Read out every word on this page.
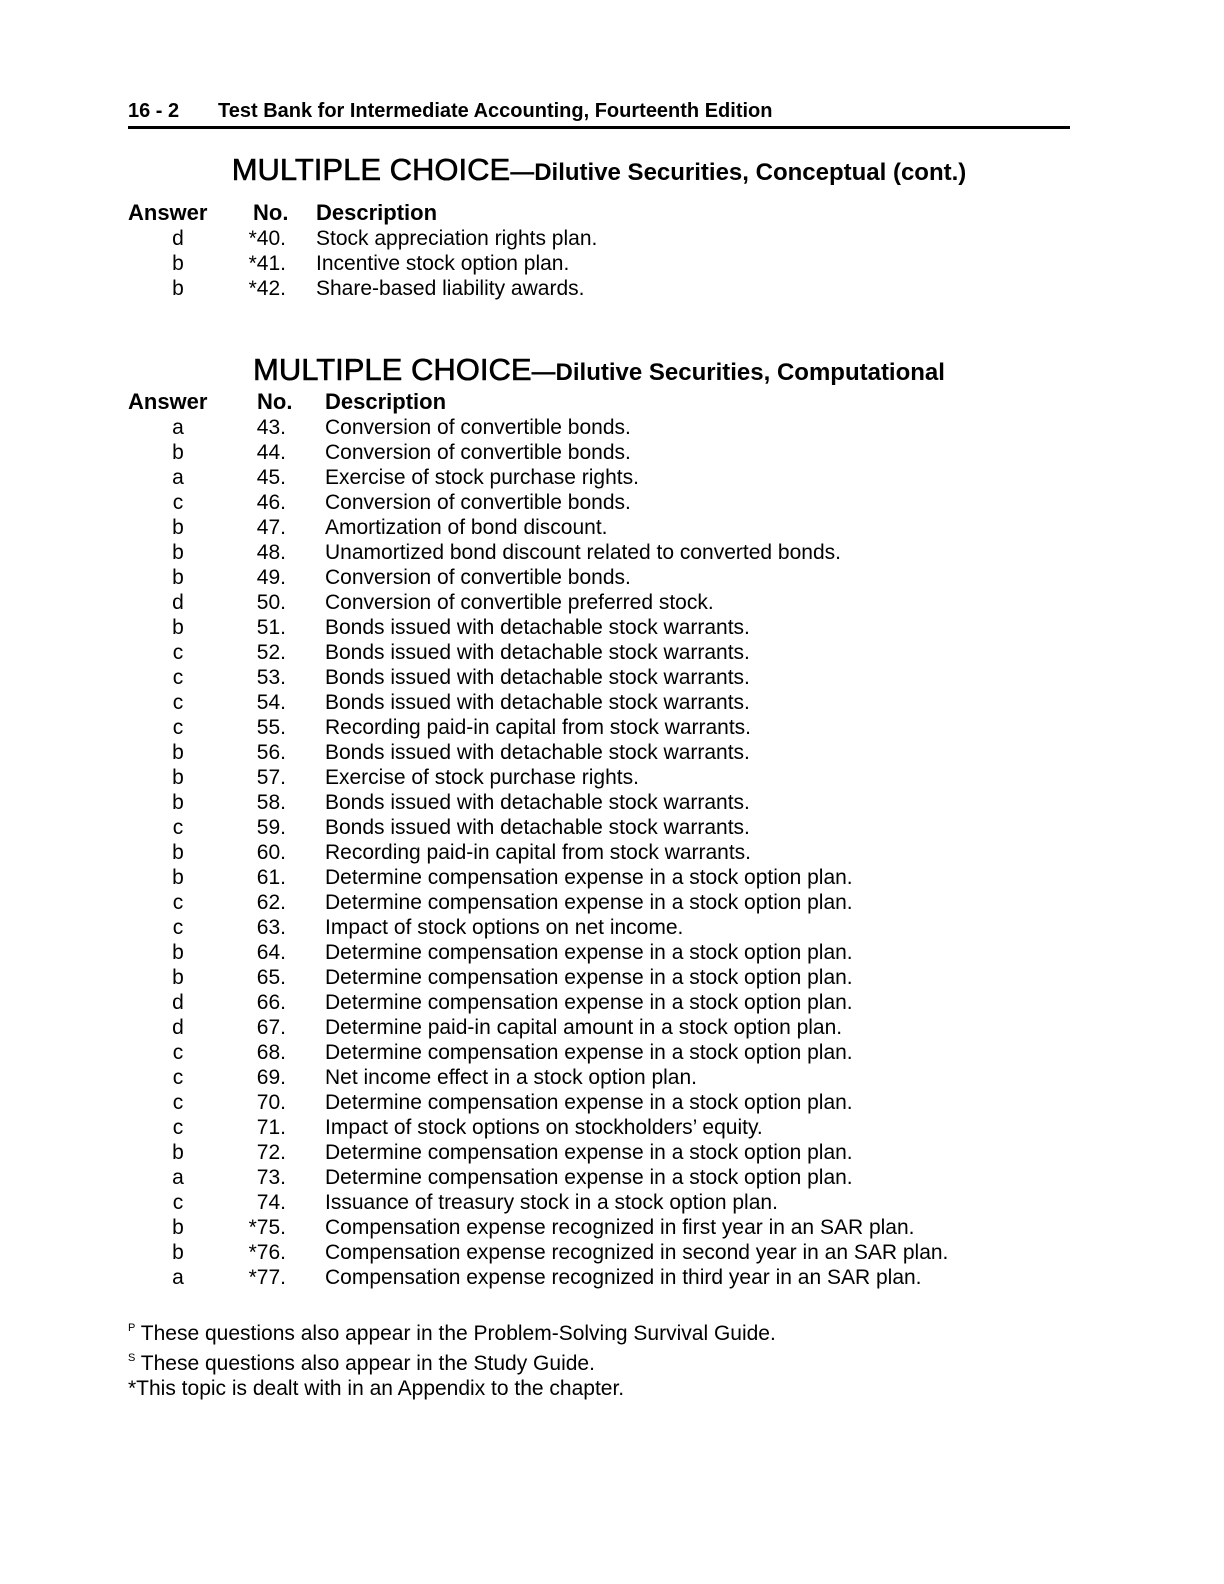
16 - 2 Test Bank for Intermediate Accounting, Fourteenth Edition
MULTIPLE CHOICE—Dilutive Securities, Conceptual (cont.)
Answer No. Description
d	*40. Stock appreciation rights plan.
b	*41. Incentive stock option plan.
b	*42. Share-based liability awards.
MULTIPLE CHOICE—Dilutive Securities, Computational
Answer No. Description
a	43. Conversion of convertible bonds.
b	44. Conversion of convertible bonds.
a	45. Exercise of stock purchase rights.
c	46. Conversion of convertible bonds.
b	47. Amortization of bond discount.
b	48. Unamortized bond discount related to converted bonds.
b	49. Conversion of convertible bonds.
d	50. Conversion of convertible preferred stock.
b	51. Bonds issued with detachable stock warrants.
c	52. Bonds issued with detachable stock warrants.
c	53. Bonds issued with detachable stock warrants.
c	54. Bonds issued with detachable stock warrants.
c	55. Recording paid-in capital from stock warrants.
b	56. Bonds issued with detachable stock warrants.
b	57. Exercise of stock purchase rights.
b	58. Bonds issued with detachable stock warrants.
c	59. Bonds issued with detachable stock warrants.
b	60. Recording paid-in capital from stock warrants.
b	61. Determine compensation expense in a stock option plan.
c	62. Determine compensation expense in a stock option plan.
c	63. Impact of stock options on net income.
b	64. Determine compensation expense in a stock option plan.
b	65. Determine compensation expense in a stock option plan.
d	66. Determine compensation expense in a stock option plan.
d	67. Determine paid-in capital amount in a stock option plan.
c	68. Determine compensation expense in a stock option plan.
c	69. Net income effect in a stock option plan.
c	70. Determine compensation expense in a stock option plan.
c	71. Impact of stock options on stockholders’ equity.
b	72. Determine compensation expense in a stock option plan.
a	73. Determine compensation expense in a stock option plan.
c	74. Issuance of treasury stock in a stock option plan.
b	*75. Compensation expense recognized in first year in an SAR plan.
b	*76. Compensation expense recognized in second year in an SAR plan.
a	*77. Compensation expense recognized in third year in an SAR plan.
$^P$ These questions also appear in the Problem-Solving Survival Guide.
$^S$ These questions also appear in the Study Guide.
*This topic is dealt with in an Appendix to the chapter.
